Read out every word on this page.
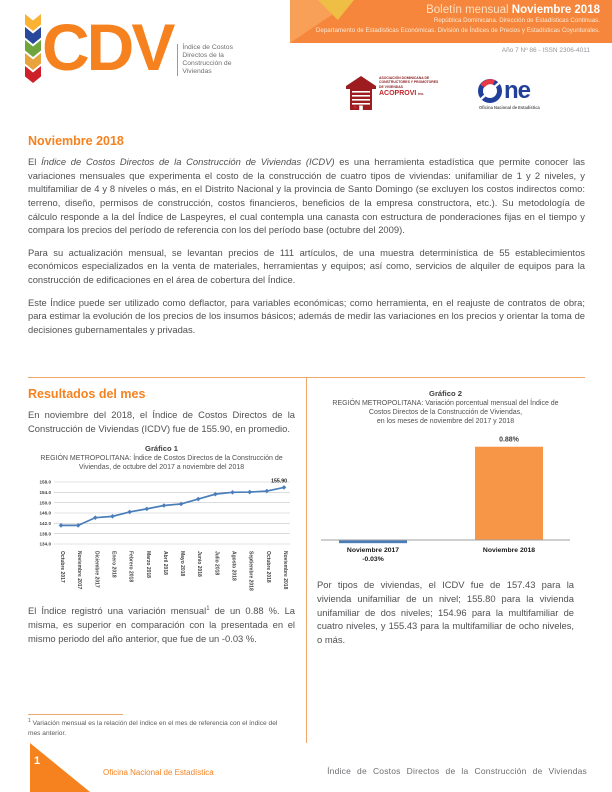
CDV Índice de Costos
Directos de la
Construcción de
Viviendas
Boletín mensual Noviembre 2018
República Dominicana. Dirección de Estadísticas Continuas.
Departamento de Estadísticas Económicas. División de Índices de Precios y Estadísticas Coyunturales.
Año 7 Nº 86 - ISSN 2306-4011
ASOCIACIÓN DOMINICANA DE CONSTRUCTORES Y PROMOTORES DE VIVIENDAS
ACOPROVI inc.	ne
Oficina Nacional de Estadística
Noviembre 2018

El Índice de Costos Directos de la Construcción de Viviendas (ICDV) es una herramienta estadística que permite conocer las variaciones mensuales que experimenta el costo de la construcción de cuatro tipos de viviendas: unifamiliar de 1 y 2 niveles, y multifamiliar de 4 y 8 niveles o más, en el Distrito Nacional y la provincia de Santo Domingo (se excluyen los costos indirectos como: terreno, diseño, permisos de construcción, costos financieros, beneficios de la empresa constructora, etc.). Su metodología de cálculo responde a la del Índice de Laspeyres, el cual contempla una canasta con estructura de ponderaciones fijas en el tiempo y compara los precios del período de referencia con los del período base (octubre del 2009).

Para su actualización mensual, se levantan precios de 111 artículos, de una muestra determinística de 55 establecimientos económicos especializados en la venta de materiales, herramientas y equipos; así como, servicios de alquiler de equipos para la construcción de edificaciones en el área de cobertura del Índice.

Este Índice puede ser utilizado como deflactor, para variables económicas; como herramienta, en el reajuste de contratos de obra; para estimar la evolución de los precios de los insumos básicos; además de medir las variaciones en los precios y orientar la toma de decisiones gubernamentales y privadas.

Resultados del mes

En noviembre del 2018, el Índice de Costos Directos de la Construcción de Viviendas (ICDV) fue de 155.90, en promedio.

Gráfico 1
REGIÓN METROPOLITANA: Índice de Costos Directos de la Construcción de Viviendas, de octubre del 2017 a noviembre del 2018
134.0
138.0
142.0
146.0
150.0
154.0
158.0
Octubre 2017 Noviembre 2017 Diciembre 2017 Enero 2018 Febrero 2018 Marzo 2018 Abril 2018 Mayo 2018 Junio 2018 Julio 2018 Agosto 2018 Septiembre 2018 Octubre 2018 Noviembre 2018
155.90

El Índice registró una variación mensual$^1$ de un 0.88 %. La misma, es superior en comparación con la presentada en el mismo periodo del año anterior, que fue de un -0.03 %.

$^1$ Variación mensual es la relación del índice en el mes de referencia con el índice del mes anterior.
Gráfico 2
REGIÓN METROPOLITANA: Variación porcentual mensual del Índice de
Costos Directos de la Construcción de Viviendas,
en los meses de noviembre del 2017 y 2018
0.88%
Noviembre 2017
-0.03%
Noviembre 2018

Por tipos de viviendas, el ICDV fue de 157.43 para la vivienda unifamiliar de un nivel; 155.80 para la vivienda unifamiliar de dos niveles; 154.96 para la multifamiliar de cuatro niveles, y 155.43 para la multifamiliar de ocho niveles, o más.

1
Oficina Nacional de Estadística	Índice de Costos Directos de la Construcción de Viviendas
